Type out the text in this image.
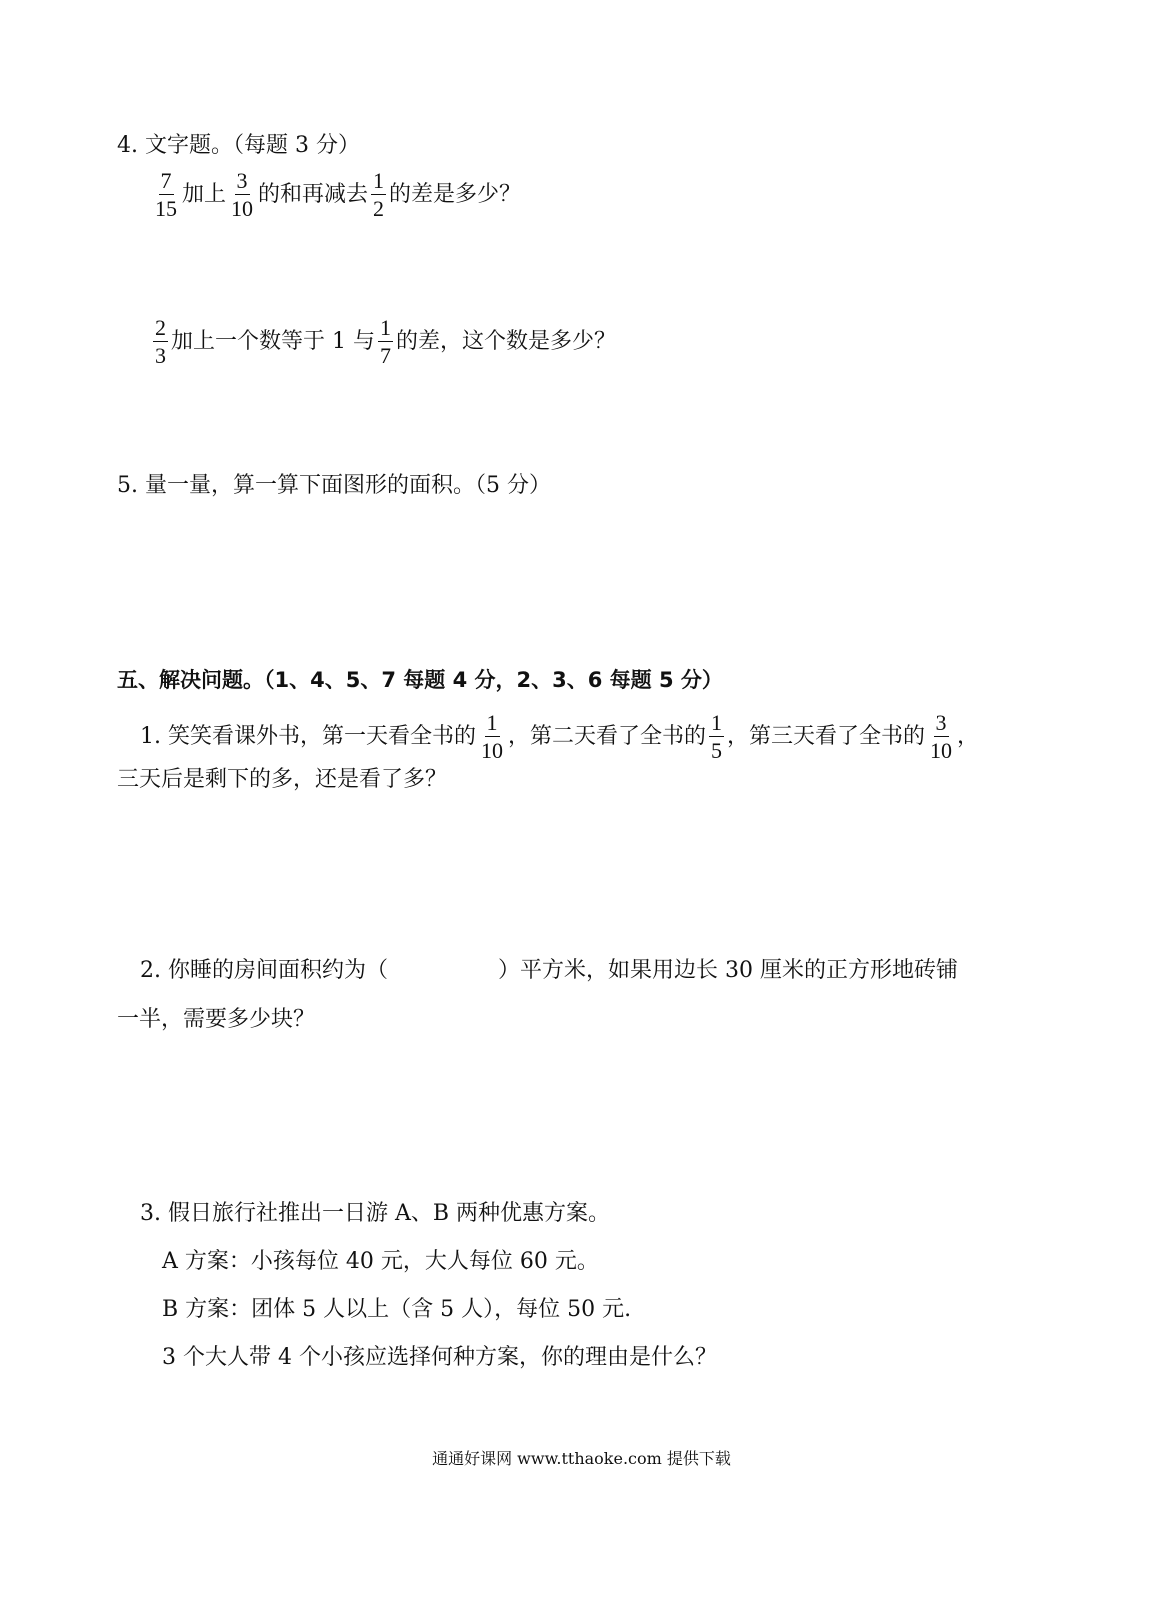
4. 文字题。（每题 3 分）
$\frac{7}{15}$ 加上 $\frac{3}{10}$ 的和再减去 $\frac{1}{2}$ 的差是多少？
$\frac{2}{3}$ 加上一个数等于 1 与 $\frac{1}{7}$ 的差，这个数是多少？
5. 量一量，算一算下面图形的面积。（5 分）
五、解决问题。（1、4、5、7 每题 4 分，2、3、6 每题 5 分）
1. 笑笑看课外书，第一天看全书的 $\frac{1}{10}$ ，第二天看了全书的 $\frac{1}{5}$ ，第三天看了全书的 $\frac{3}{10}$ ，
三天后是剩下的多，还是看了多？
2. 你睡的房间面积约为（	）平方米，如果用边长 30 厘米的正方形地砖铺
一半，需要多少块？
3. 假日旅行社推出一日游 A、B 两种优惠方案。
A 方案：小孩每位 40 元，大人每位 60 元。
B 方案：团体 5 人以上（含 5 人），每位 50 元.
3 个大人带 4 个小孩应选择何种方案，你的理由是什么？
通通好课网 www.tthaoke.com 提供下载
